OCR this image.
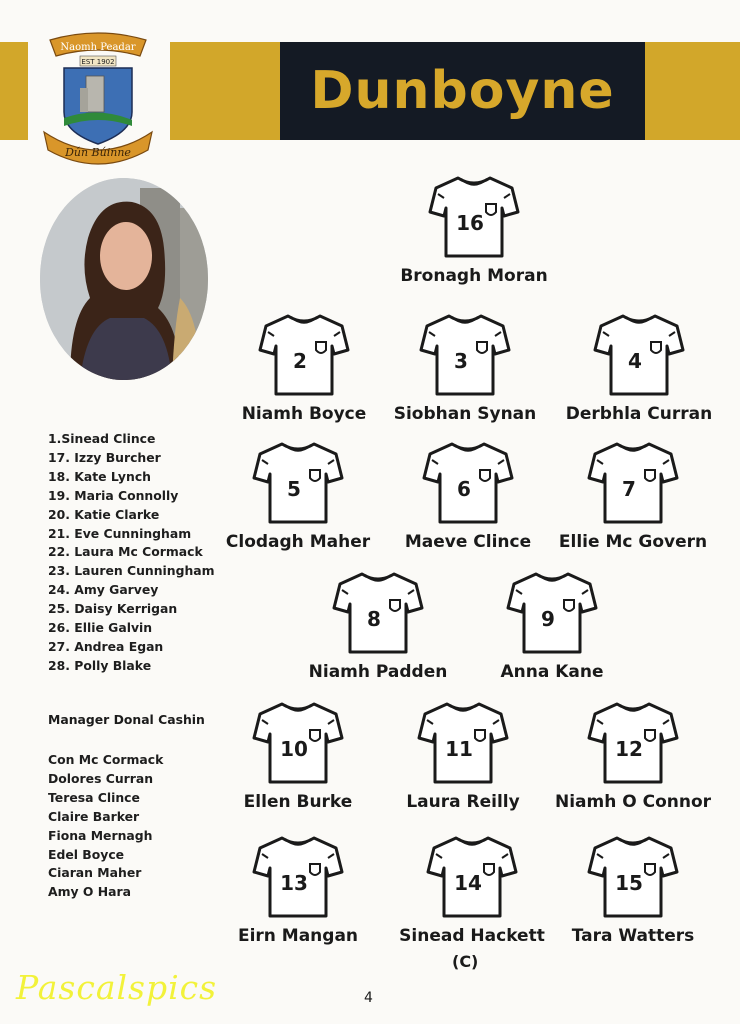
Dunboyne
Naomh Peadar
EST 1902
Dún Búinne
1.Sinead Clince
17. Izzy Burcher
18. Kate Lynch
19. Maria Connolly
20. Katie Clarke
21. Eve Cunningham
22. Laura Mc Cormack
23. Lauren Cunningham
24. Amy Garvey
25. Daisy Kerrigan
26. Ellie Galvin
27. Andrea Egan
28. Polly Blake
Manager Donal Cashin
Con Mc Cormack
Dolores Curran
Teresa Clince
Claire Barker
Fiona Mernagh
Edel Boyce
Ciaran Maher
Amy O Hara
16
Bronagh Moran
2
Niamh Boyce
3
Siobhan Synan
4
Derbhla Curran
5
Clodagh Maher
6
Maeve Clince
7
Ellie Mc Govern
8
Niamh Padden
9
Anna Kane
10
Ellen Burke
11
Laura Reilly
12
Niamh O Connor
13
Eirn Mangan
14
Sinead Hackett
15
Tara Watters
(C)
Pascalspics	4
